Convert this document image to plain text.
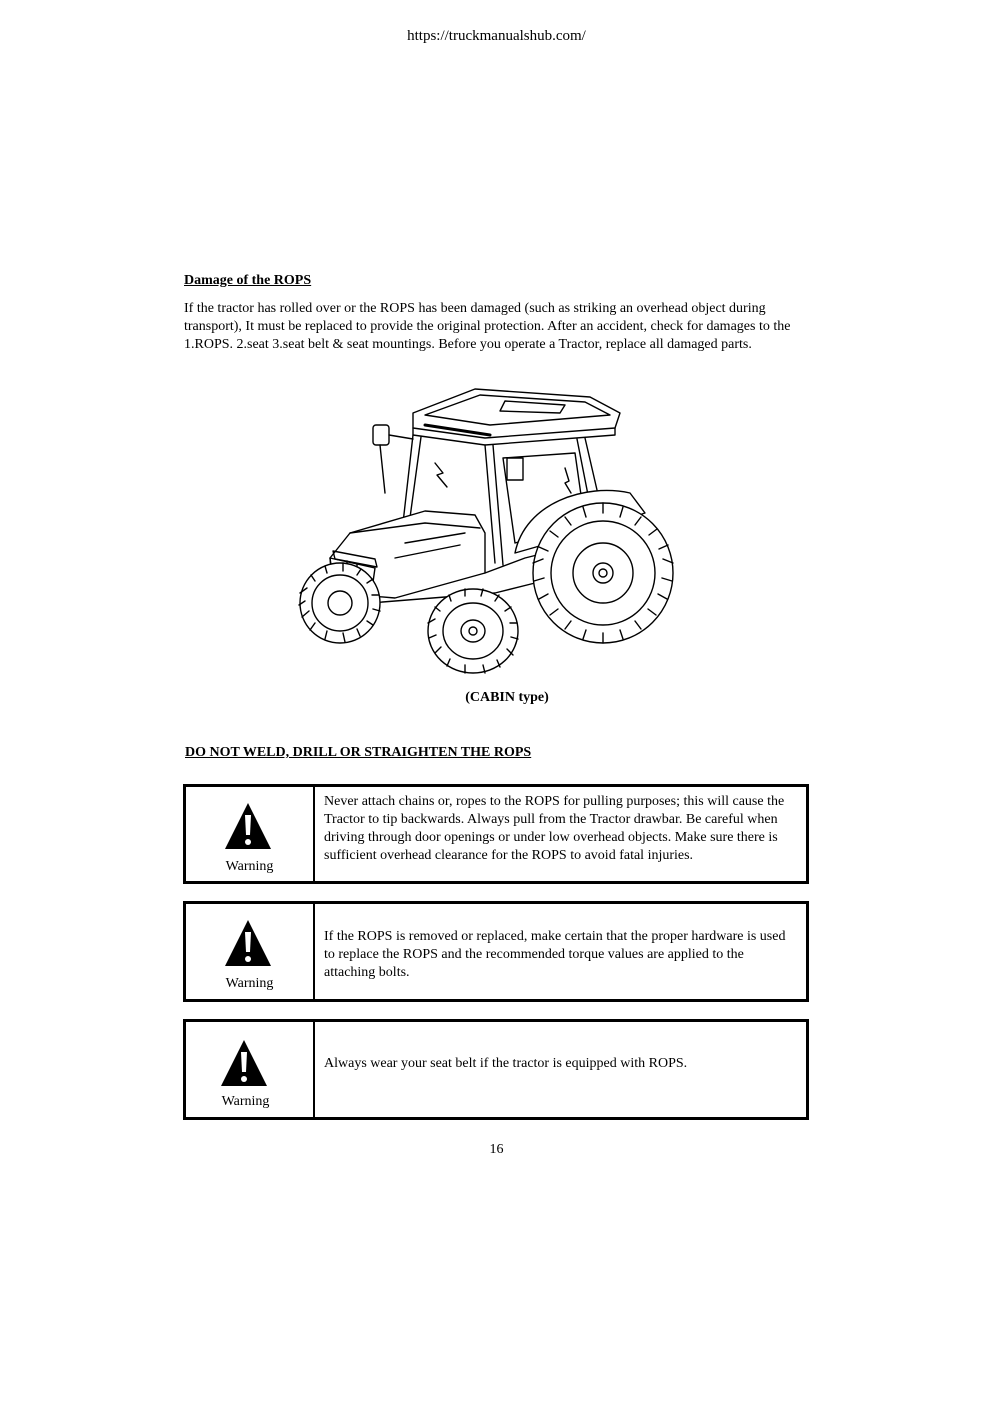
https://truckmanualshub.com/
Damage of the ROPS
If the tractor has rolled over or the ROPS has been damaged (such as striking an overhead object during transport), It must be replaced to provide the original protection. After an accident, check for damages to the 1.ROPS. 2.seat 3.seat belt & seat mountings. Before you operate a Tractor, replace all damaged parts.
(CABIN type)
DO NOT WELD, DRILL OR STRAIGHTEN THE ROPS
Warning
Never attach chains or, ropes to the ROPS for pulling purposes; this will cause the Tractor to tip backwards. Always pull from the Tractor drawbar. Be careful when driving through door openings or under low overhead objects. Make sure there is sufficient overhead clearance for the ROPS to avoid fatal injuries.
Warning
If the ROPS is removed or replaced, make certain that the proper hardware is used to replace the ROPS and the recommended torque values are applied to the attaching bolts.
Warning
Always wear your seat belt if the tractor is equipped with ROPS.
16
